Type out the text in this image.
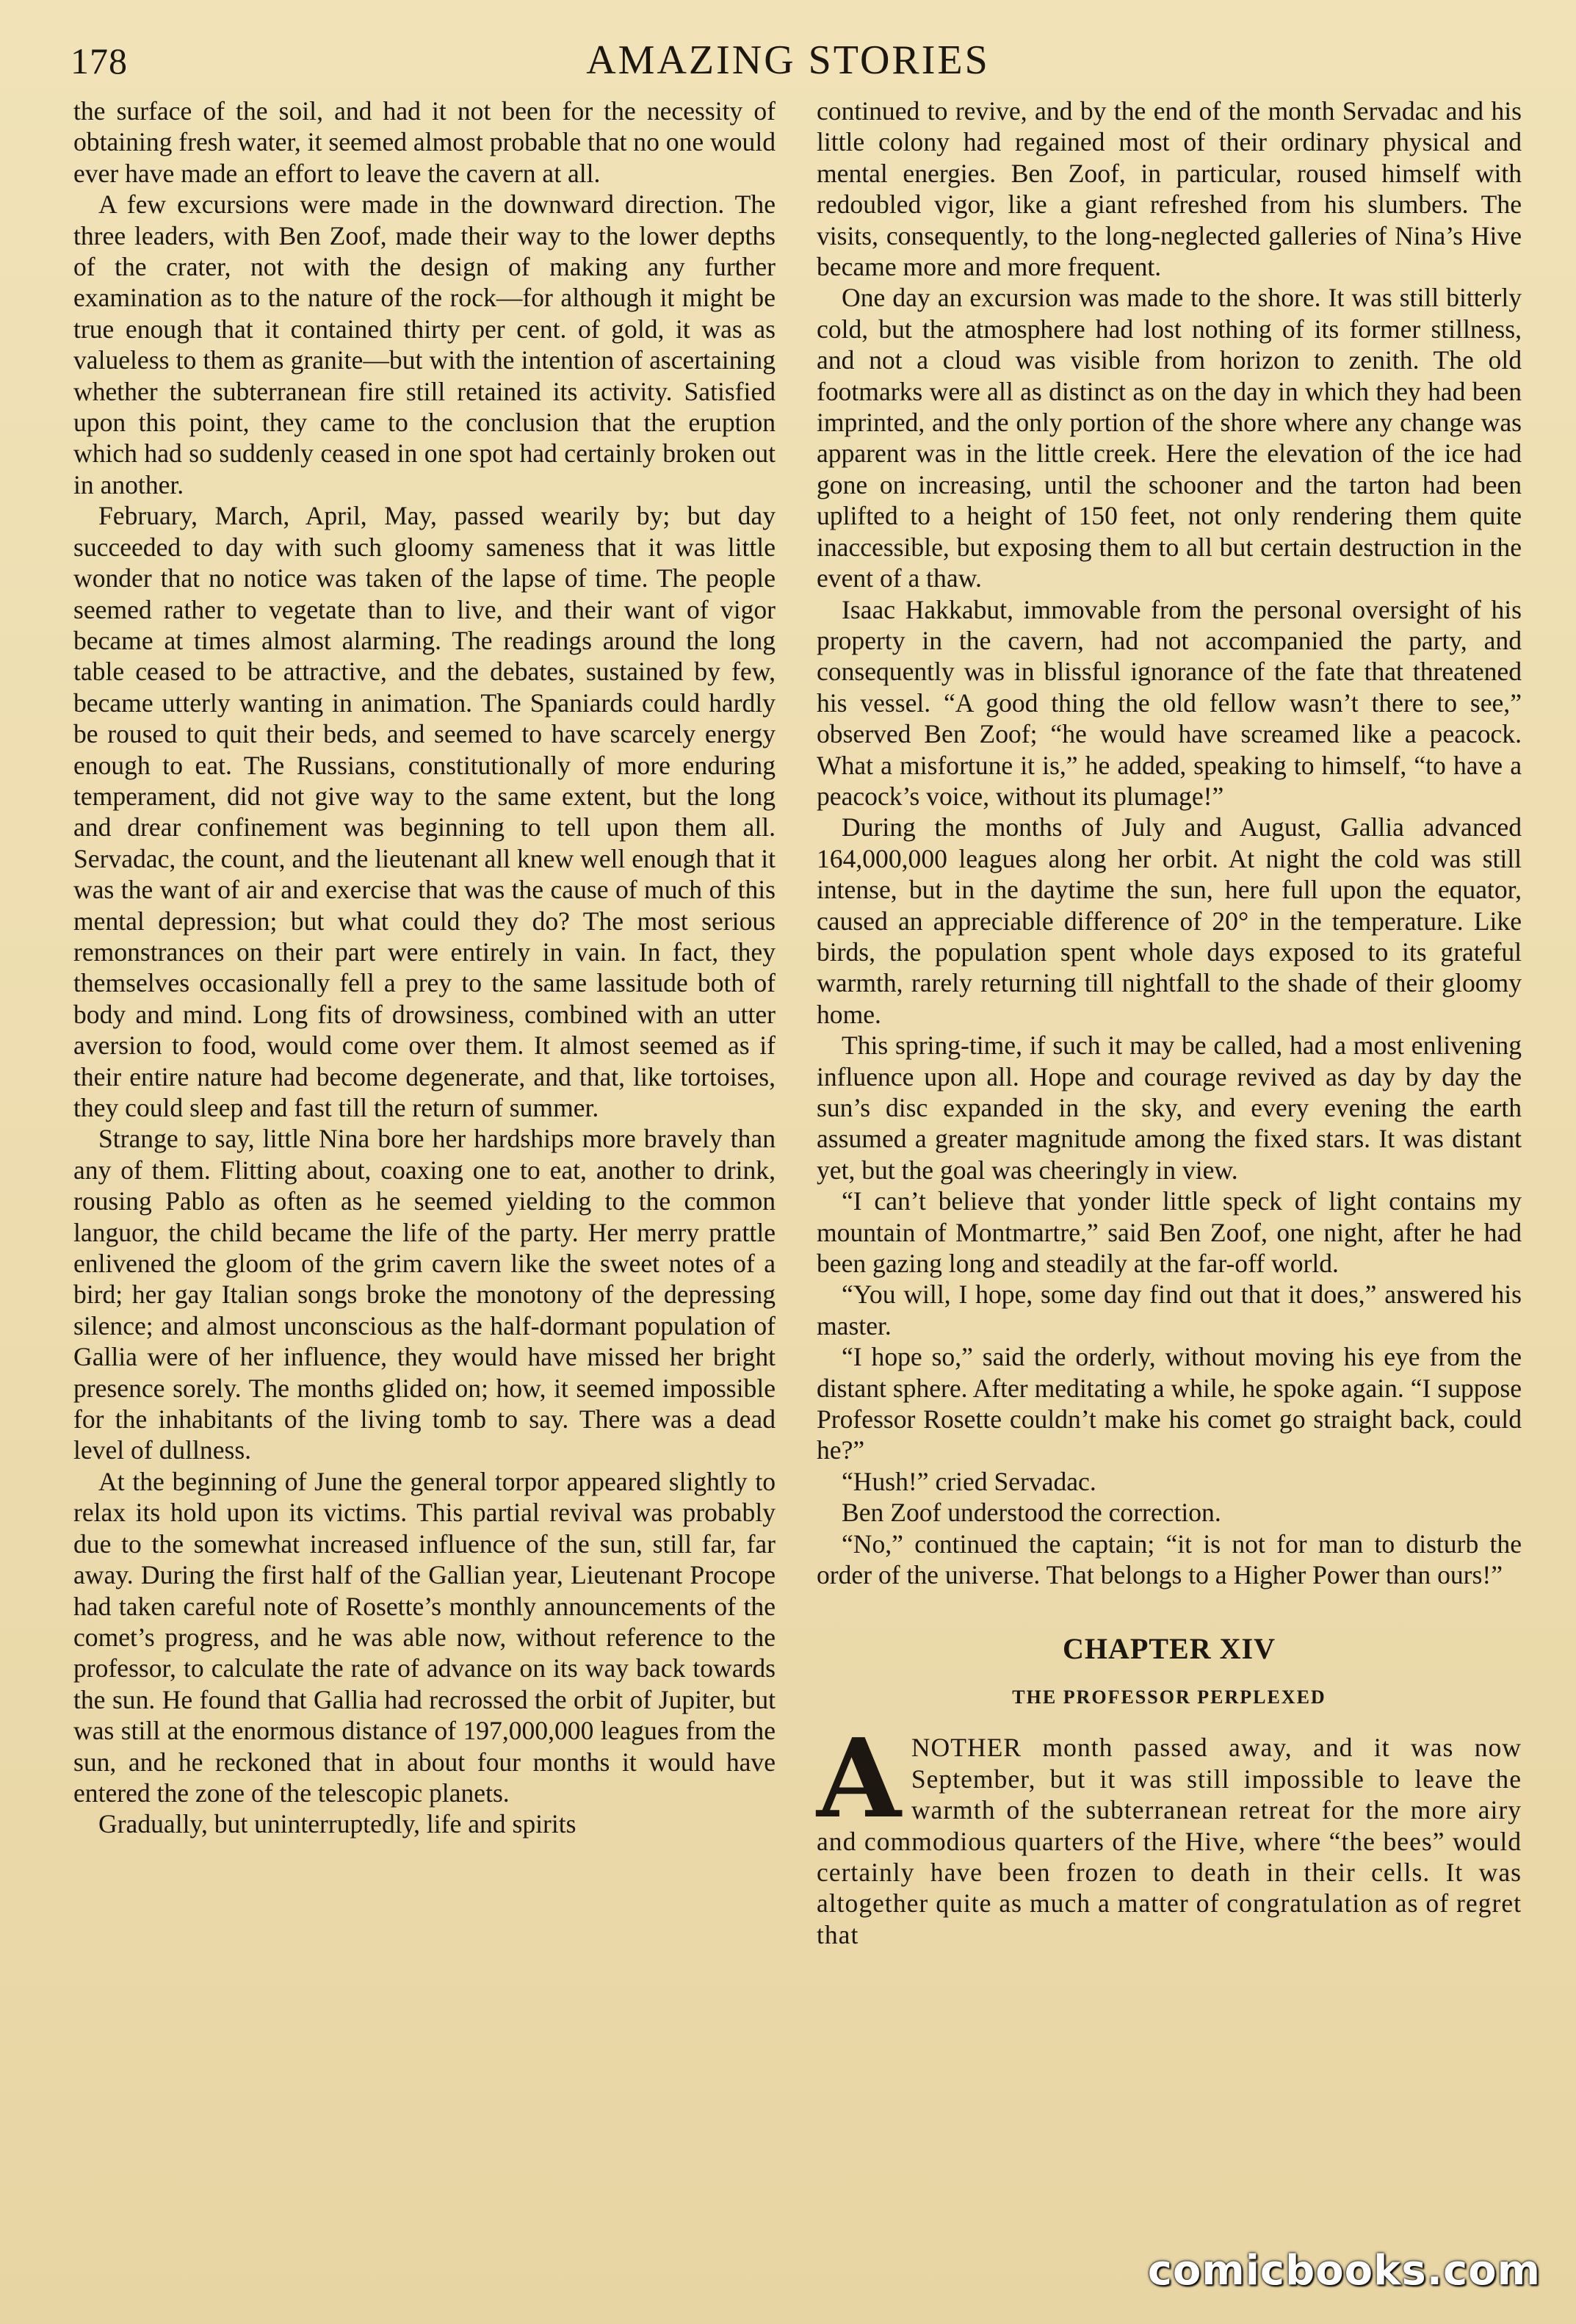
178	AMAZING STORIES

the surface of the soil, and had it not been for the necessity of obtaining fresh water, it seemed almost probable that no one would ever have made an effort to leave the cavern at all.

A few excursions were made in the downward direction. The three leaders, with Ben Zoof, made their way to the lower depths of the crater, not with the design of making any further examination as to the nature of the rock—for although it might be true enough that it contained thirty per cent. of gold, it was as valueless to them as granite—but with the intention of ascertaining whether the subterranean fire still retained its activity. Satisfied upon this point, they came to the conclusion that the eruption which had so suddenly ceased in one spot had certainly broken out in another.

February, March, April, May, passed wearily by; but day succeeded to day with such gloomy sameness that it was little wonder that no notice was taken of the lapse of time. The people seemed rather to vegetate than to live, and their want of vigor became at times almost alarming. The readings around the long table ceased to be attractive, and the debates, sustained by few, became utterly wanting in animation. The Spaniards could hardly be roused to quit their beds, and seemed to have scarcely energy enough to eat. The Russians, constitutionally of more enduring temperament, did not give way to the same extent, but the long and drear confinement was beginning to tell upon them all. Servadac, the count, and the lieutenant all knew well enough that it was the want of air and exercise that was the cause of much of this mental depression; but what could they do? The most serious remonstrances on their part were entirely in vain. In fact, they themselves occasionally fell a prey to the same lassitude both of body and mind. Long fits of drowsiness, combined with an utter aversion to food, would come over them. It almost seemed as if their entire nature had become degenerate, and that, like tortoises, they could sleep and fast till the return of summer.

Strange to say, little Nina bore her hardships more bravely than any of them. Flitting about, coaxing one to eat, another to drink, rousing Pablo as often as he seemed yielding to the common languor, the child became the life of the party. Her merry prattle enlivened the gloom of the grim cavern like the sweet notes of a bird; her gay Italian songs broke the monotony of the depressing silence; and almost unconscious as the half-dormant population of Gallia were of her influence, they would have missed her bright presence sorely. The months glided on; how, it seemed impossible for the inhabitants of the living tomb to say. There was a dead level of dullness.

At the beginning of June the general torpor appeared slightly to relax its hold upon its victims. This partial revival was probably due to the somewhat increased influence of the sun, still far, far away. During the first half of the Gallian year, Lieutenant Procope had taken careful note of Rosette’s monthly announcements of the comet’s progress, and he was able now, without reference to the professor, to calculate the rate of advance on its way back towards the sun. He found that Gallia had recrossed the orbit of Jupiter, but was still at the enormous distance of 197,000,000 leagues from the sun, and he reckoned that in about four months it would have entered the zone of the telescopic planets.

Gradually, but uninterruptedly, life and spirits

continued to revive, and by the end of the month Servadac and his little colony had regained most of their ordinary physical and mental energies. Ben Zoof, in particular, roused himself with redoubled vigor, like a giant refreshed from his slumbers. The visits, consequently, to the long-neglected galleries of Nina’s Hive became more and more frequent.

One day an excursion was made to the shore. It was still bitterly cold, but the atmosphere had lost nothing of its former stillness, and not a cloud was visible from horizon to zenith. The old footmarks were all as distinct as on the day in which they had been imprinted, and the only portion of the shore where any change was apparent was in the little creek. Here the elevation of the ice had gone on increasing, until the schooner and the tarton had been uplifted to a height of 150 feet, not only rendering them quite inaccessible, but exposing them to all but certain destruction in the event of a thaw.

Isaac Hakkabut, immovable from the personal oversight of his property in the cavern, had not accompanied the party, and consequently was in blissful ignorance of the fate that threatened his vessel. “A good thing the old fellow wasn’t there to see,” observed Ben Zoof; “he would have screamed like a peacock. What a misfortune it is,” he added, speaking to himself, “to have a peacock’s voice, without its plumage!”

During the months of July and August, Gallia advanced 164,000,000 leagues along her orbit. At night the cold was still intense, but in the daytime the sun, here full upon the equator, caused an appreciable difference of 20° in the temperature. Like birds, the population spent whole days exposed to its grateful warmth, rarely returning till nightfall to the shade of their gloomy home.

This spring-time, if such it may be called, had a most enlivening influence upon all. Hope and courage revived as day by day the sun’s disc expanded in the sky, and every evening the earth assumed a greater magnitude among the fixed stars. It was distant yet, but the goal was cheeringly in view.

“I can’t believe that yonder little speck of light contains my mountain of Montmartre,” said Ben Zoof, one night, after he had been gazing long and steadily at the far-off world.

“You will, I hope, some day find out that it does,” answered his master.

“I hope so,” said the orderly, without moving his eye from the distant sphere. After meditating a while, he spoke again. “I suppose Professor Rosette couldn’t make his comet go straight back, could he?”

“Hush!” cried Servadac.

Ben Zoof understood the correction.

“No,” continued the captain; “it is not for man to disturb the order of the universe. That belongs to a Higher Power than ours!”

CHAPTER XIV
THE PROFESSOR PERPLEXED

ANOTHER month passed away, and it was now September, but it was still impossible to leave the warmth of the subterranean retreat for the more airy and commodious quarters of the Hive, where “the bees” would certainly have been frozen to death in their cells. It was altogether quite as much a matter of congratulation as of regret that

comicbooks.com
